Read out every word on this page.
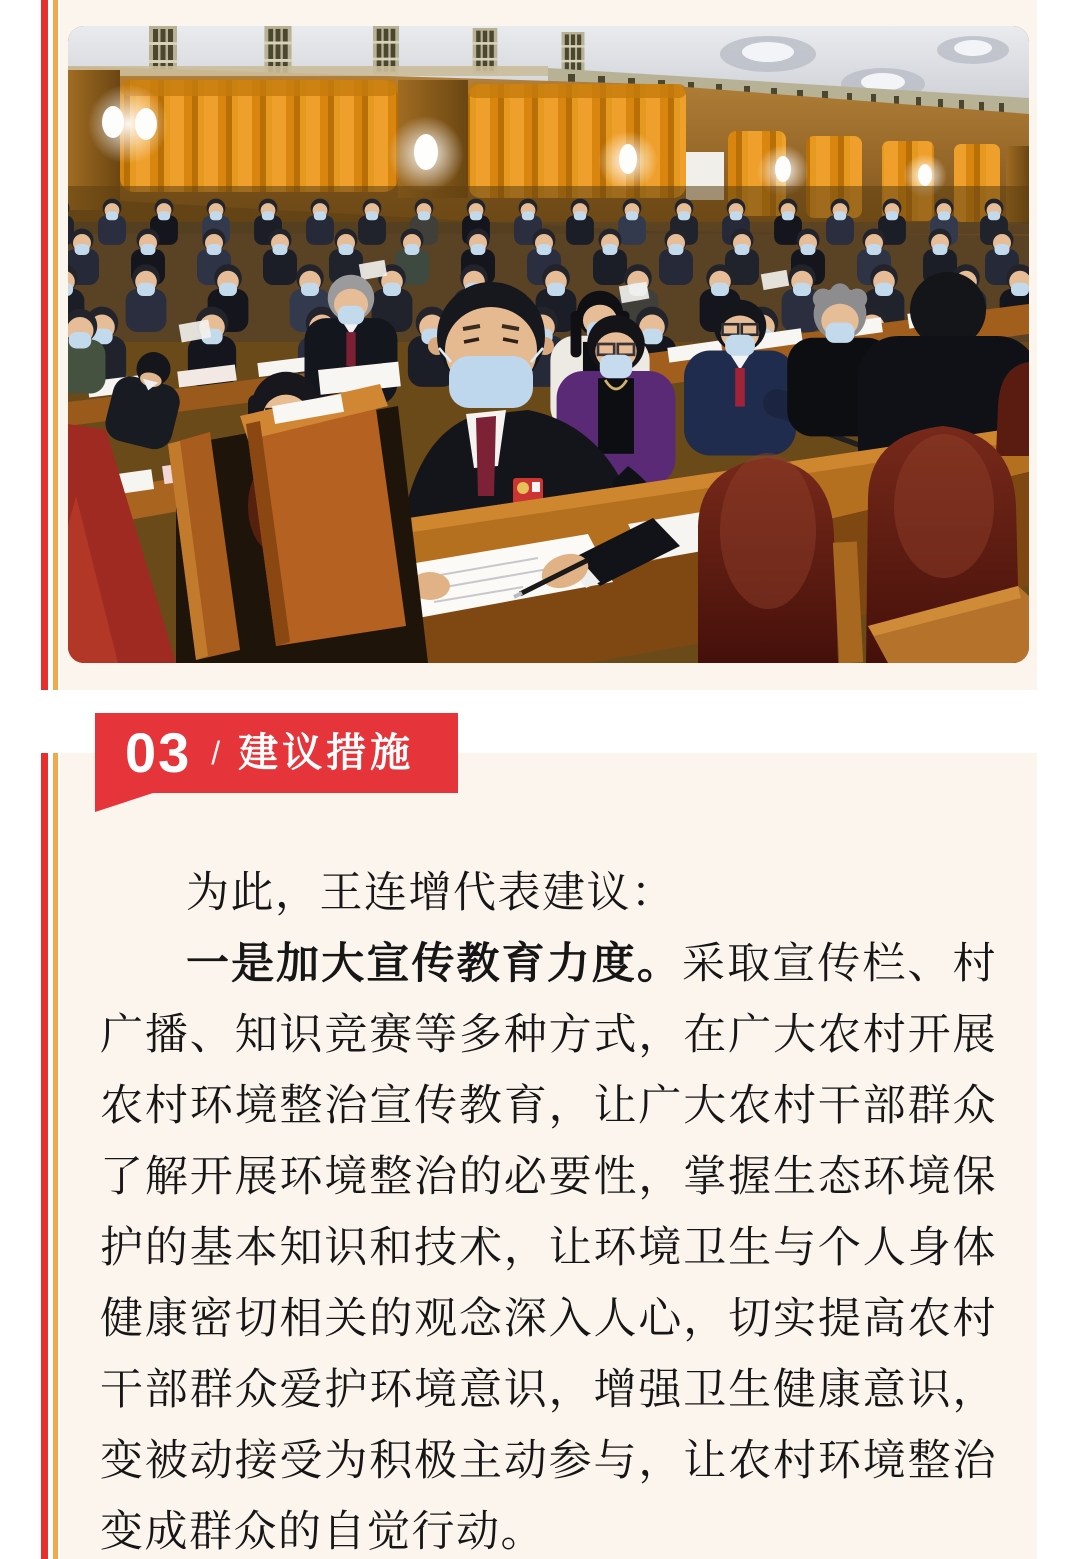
03 / 建议措施

为此，王连增代表建议：

一是加大宣传教育力度。采取宣传栏、村广播、知识竞赛等多种方式，在广大农村开展农村环境整治宣传教育，让广大农村干部群众了解开展环境整治的必要性，掌握生态环境保护的基本知识和技术，让环境卫生与个人身体健康密切相关的观念深入人心，切实提高农村干部群众爱护环境意识，增强卫生健康意识，变被动接受为积极主动参与，让农村环境整治变成群众的自觉行动。
